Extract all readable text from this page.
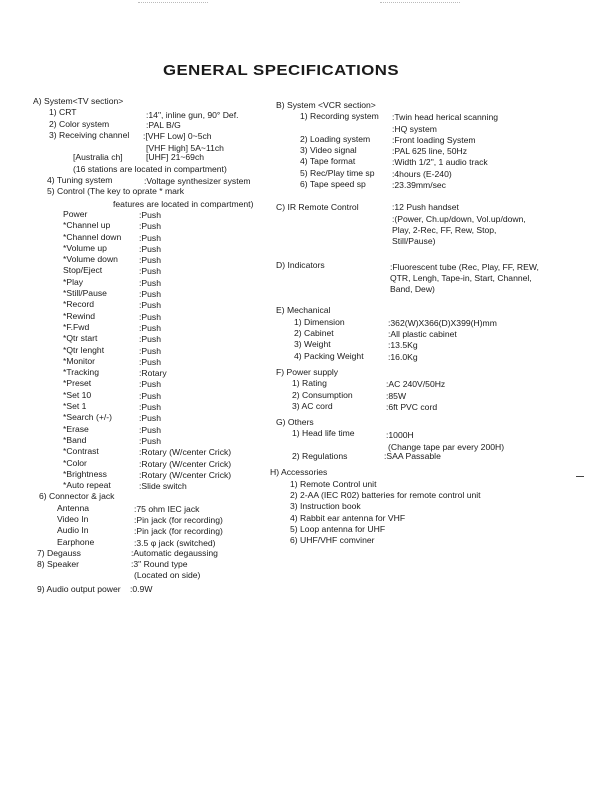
GENERAL SPECIFICATIONS
A) System<TV section>
1) CRT	:14", inline gun, 90° Def.
2) Color system	:PAL B/G
3) Receiving channel :[VHF Low] 0~5ch
[VHF High] 5A~11ch
[Australia ch]	[UHF] 21~69ch
(16 stations are located in compartment)
4) Tuning system	:Voltage synthesizer system
5) Control (The key to oprate * mark
features are located in compartment)
Power	:Push
*Channel up	:Push
*Channel down :Push
*Volume up	:Push
*Volume down :Push
Stop/Eject	:Push
*Play	:Push
*Still/Pause	:Push
*Record	:Push
*Rewind	:Push
*F.Fwd	:Push
*Qtr start	:Push
*Qtr lenght	:Push
*Monitor	:Push
*Tracking	:Rotary
*Preset	:Push
*Set 10	:Push
*Set 1	:Push
*Search (+/-)	:Push
*Erase	:Push
*Band	:Push
*Contrast	:Rotary (W/center Crick)
*Color	:Rotary (W/center Crick)
*Brightness	:Rotary (W/center Crick)
*Auto repeat	:Slide switch
6) Connector & jack
Antenna	:75 ohm IEC jack
Video In	:Pin jack (for recording)
Audio In	:Pin jack (for recording)
Earphone	:3.5 φ jack (switched)
7) Degauss	:Automatic degaussing
8) Speaker	:3" Round type
(Located on side)
9) Audio output power :0.9W
B) System <VCR section>
1) Recording system :Twin head herical scanning
:HQ system
2) Loading system	:Front loading System
3) Video signal	:PAL 625 line, 50Hz
4) Tape format	:Width 1/2", 1 audio track
5) Rec/Play time sp :4hours (E-240)
6) Tape speed sp	:23.39mm/sec
C) IR Remote Control	:12 Push handset
:(Power, Ch.up/down, Vol.up/down, Play, 2-Rec, FF, Rew, Stop, Still/Pause)
D) Indicators	:Fluorescent tube (Rec, Play, FF, REW, QTR, Lengh, Tape-in, Start, Channel, Band, Dew)
E) Mechanical
1) Dimension	:362(W)X366(D)X399(H)mm
2) Cabinet	:All plastic cabinet
3) Weight	:13.5Kg
4) Packing Weight	:16.0Kg
F) Power supply
1) Rating	:AC 240V/50Hz
2) Consumption	:85W
3) AC cord	:6ft PVC cord
G) Others
1) Head life time	:1000H
(Change tape par every 200H)
2) Regulations	:SAA Passable
H) Accessories
1) Remote Control unit
2) 2-AA (IEC R02) batteries for remote control unit
3) Instruction book
4) Rabbit ear antenna for VHF
5) Loop antenna for UHF
6) UHF/VHF comviner
